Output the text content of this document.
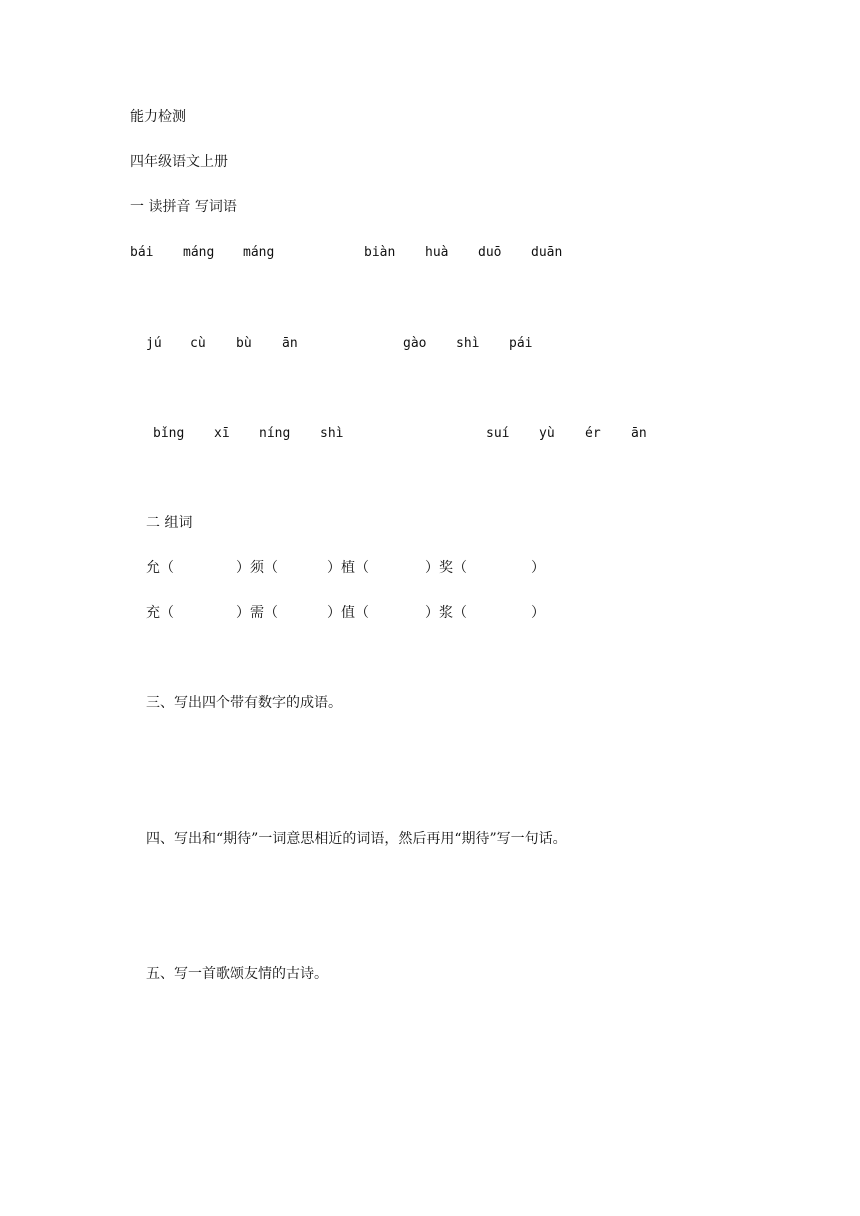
能力检测
四年级语文上册
一 读拼音 写词语
bái máng máng	biàn huà duō duān
jú cù bù ān	gào shì pái
bǐng xī níng shì	suí yù ér ān
二 组词
允（	）须（	）植（	）奖（	）
充（	）需（	）值（	）浆（	）
三、写出四个带有数字的成语。
四、写出和“期待”一词意思相近的词语，然后再用“期待”写一句话。
五、写一首歌颂友情的古诗。
